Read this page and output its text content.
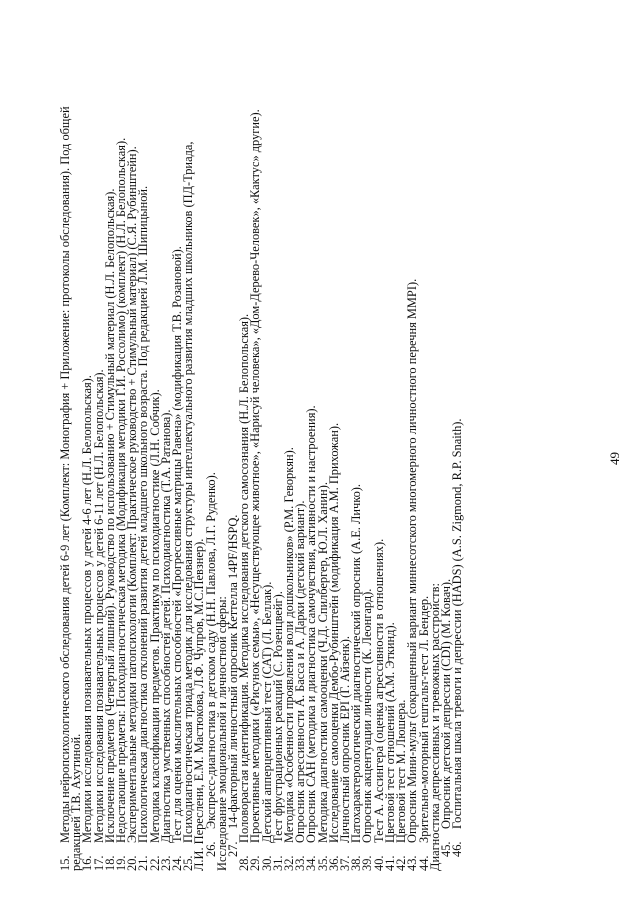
49
15.
Методы нейропсихологического обследования детей 6-9 лет (Комплект: Монография + Приложение: протоколы обследования). Под общей
редакцией Т.В. Ахутиной.
16.
Методики исследования познавательных процессов у детей 4-6 лет (Н.Л. Белопольская).
17.
Методики исследования познавательных процессов у детей 6-11 лет (Н.Л. Белопольская).
18.
Исключение предметов (Четвертый лишний). Руководство по использованию + Стимульный материал (Н.Л. Белопольская).
19.
Недостающие предметы: Психодиагностическая методика (Модификация методики Г.И. Россолимо) (комплект) (Н.Л. Белопольская).
20.
Экспериментальные методики патопсихологии (Комплект: Практическое руководство + Стимульный материал) (С.Я. Рубинштейн).
21.
Психологическая диагностика отклонений развития детей младшего школьного возраста. Под редакцией Л.М. Шипицыной.
22.
Методика классификации предметов. Практикум по психодиагностике (Л.Н. Собчик).
23.
Диагностика умственных способностей детей. Психодиагностика (Т.А. Ратанова).
24.
Тест для оценки мыслительных способностей «Прогрессивные матрицы Равена» (модификация Т.В. Розановой).
25.
Психодиагностическая триада методик для исследования структуры интеллектуального развития младших школьников (ПД-Триада,
Л.И. Переслени, Е.М. Мастюкова, Л.Ф. Чупров, М.С.Певзнер).
26.
Экспресс-диагностика в детском саду (Н.Н. Павлова, Л.Г. Руденко).
Исследование эмоциональной и личностной сферы:
27.
14-факторный личностный опросник Кеттелла 14PF/HSPQ.
28.
Половорастая идентификация. Методика исследования детского самосознания (Н.Л. Белопольская).
29.
Проективные методики («Рисунок семьи», «Несуществующее животное», «Нарисуй человека», «Дом-Дерево-Человек», «Кактус» другие).
30.
Детский апперцептивный тест (САТ) (Л. Беллак).
31.
Тест фрустрационных реакций (С. Розенцвейг).
32.
Методика «Особенности проявления воли дошкольников» (Р.М. Геворкян).
33.
Опросник агрессивности А. Басса и А. Дарки (детский вариант).
34.
Опросник САН (методика и диагностика самочувствия, активности и настроения).
35.
Методика диагностики самооценки (Ч.Д. Спилбергер, Ю.Л. Ханин).
36.
Исследование самооценки Дембо-Рубинштейн (модификация А.М. Прихожан).
37.
Личностный опросник EPI (Г. Айзенк).
38.
Патохарактерологический диагностический опросник (А.Е. Личко).
39.
Опросник акцентуации личности (К. Леонгард).
40.
Тест А. Ассингера (оценка агрессивности в отношениях).
41.
Цветовой тест отношений (А.М. Эткинд).
42.
Цветовой тест М. Люшера.
43.
Опросник Мини-мульт (сокращенный вариант миннесотского многомерного личностного перечня ММРІ).
44.
Зрительно-моторный гештальт-тест Л. Бендер.
Диагностика депрессивных и тревожных расстройств:
45.
Опросник детской депрессии (CDI) (М. Ковач).
46.
Госпитальная шкала тревоги и депрессии (HADS) (A.S. Zigmond, R.P. Snaith).
